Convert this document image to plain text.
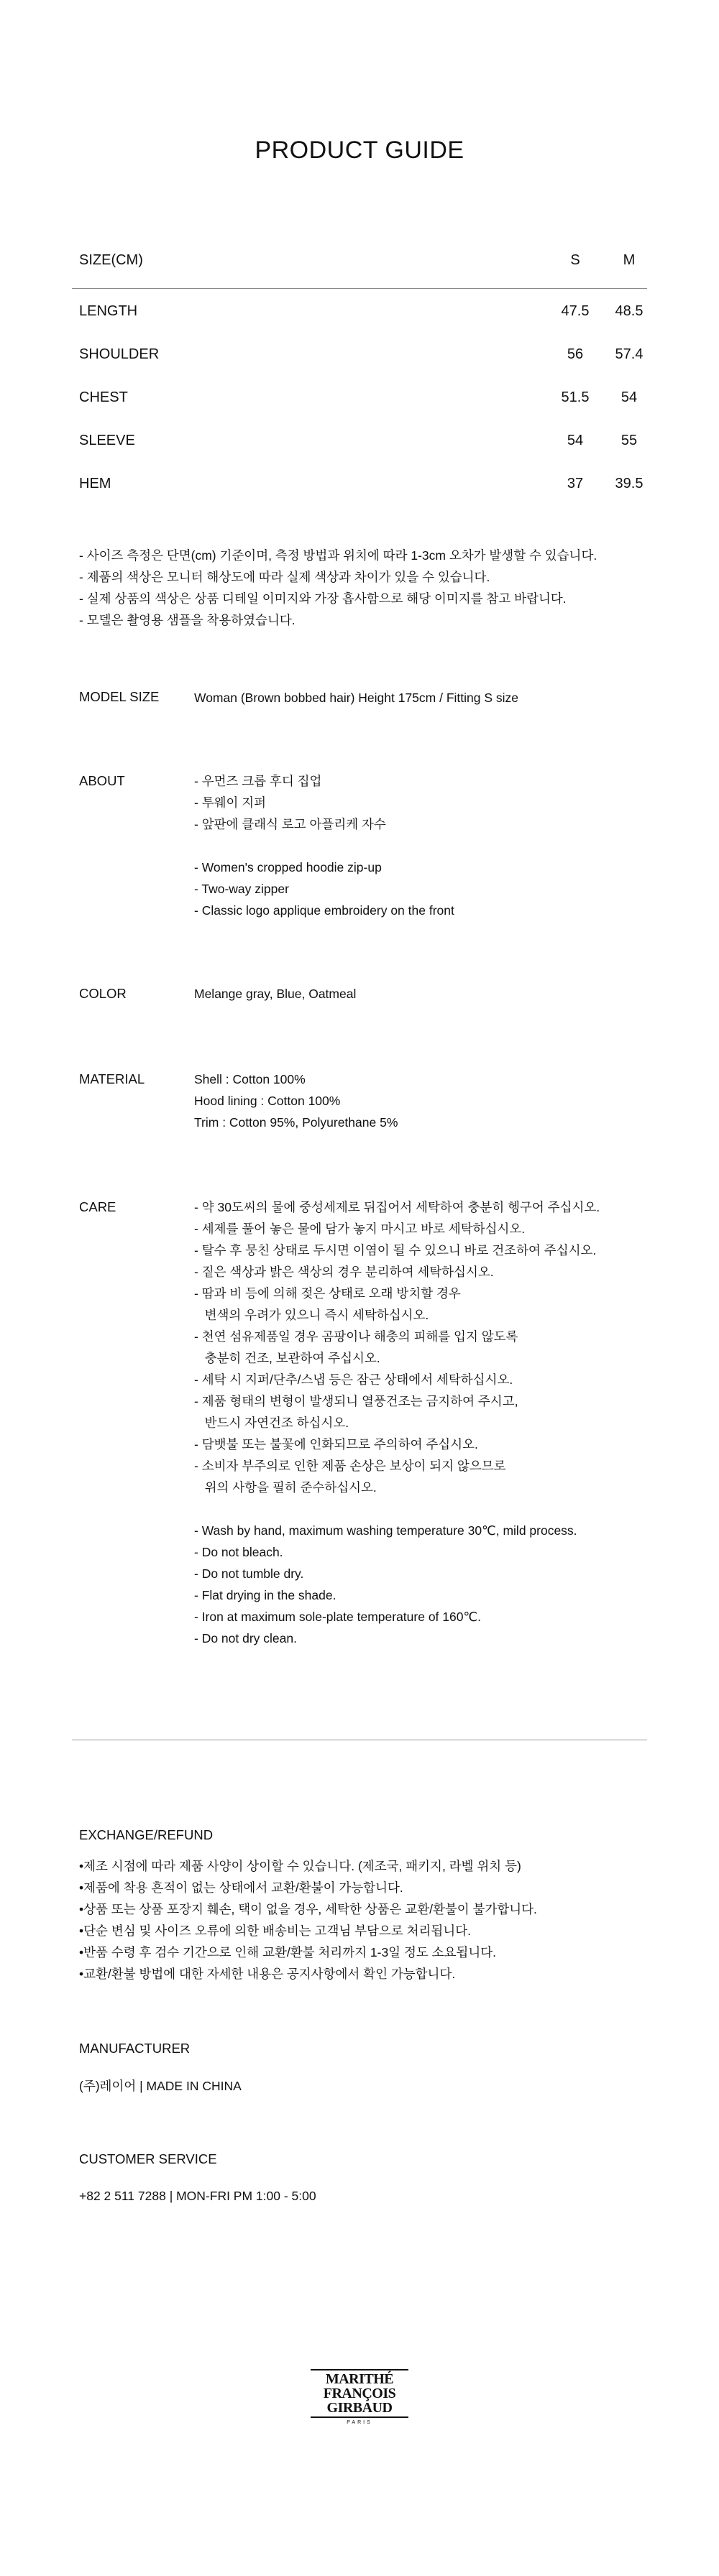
PRODUCT GUIDE
SIZE(CM)	S	M
LENGTH	47.5	48.5
SHOULDER	56	57.4
CHEST	51.5	54
SLEEVE	54	55
HEM	37	39.5
- 사이즈 측정은 단면(cm) 기준이며, 측정 방법과 위치에 따라 1-3cm 오차가 발생할 수 있습니다.
- 제품의 색상은 모니터 해상도에 따라 실제 색상과 차이가 있을 수 있습니다.
- 실제 상품의 색상은 상품 디테일 이미지와 가장 흡사함으로 해당 이미지를 참고 바랍니다.
- 모델은 촬영용 샘플을 착용하였습니다.
MODEL SIZE	Woman (Brown bobbed hair) Height 175cm / Fitting S size
ABOUT	- 우먼즈 크롭 후디 집업
- 투웨이 지퍼
- 앞판에 클래식 로고 아플리케 자수
- Women's cropped hoodie zip-up
- Two-way zipper
- Classic logo applique embroidery on the front
COLOR	Melange gray, Blue, Oatmeal
MATERIAL	Shell : Cotton 100%
Hood lining : Cotton 100%
Trim : Cotton 95%, Polyurethane 5%
CARE	- 약 30도씨의 물에 중성세제로 뒤집어서 세탁하여 충분히 헹구어 주십시오.
- 세제를 풀어 놓은 물에 담가 놓지 마시고 바로 세탁하십시오.
- 탈수 후 뭉친 상태로 두시면 이염이 될 수 있으니 바로 건조하여 주십시오.
- 짙은 색상과 밝은 색상의 경우 분리하여 세탁하십시오.
- 땀과 비 등에 의해 젖은 상태로 오래 방치할 경우
변색의 우려가 있으니 즉시 세탁하십시오.
- 천연 섬유제품일 경우 곰팡이나 해충의 피해를 입지 않도록
충분히 건조, 보관하여 주십시오.
- 세탁 시 지퍼/단추/스냅 등은 잠근 상태에서 세탁하십시오.
- 제품 형태의 변형이 발생되니 열풍건조는 금지하여 주시고,
반드시 자연건조 하십시오.
- 담뱃불 또는 불꽃에 인화되므로 주의하여 주십시오.
- 소비자 부주의로 인한 제품 손상은 보상이 되지 않으므로
위의 사항을 필히 준수하십시오.
- Wash by hand, maximum washing temperature 30℃, mild process.
- Do not bleach.
- Do not tumble dry.
- Flat drying in the shade.
- Iron at maximum sole-plate temperature of 160℃.
- Do not dry clean.
EXCHANGE/REFUND
•제조 시점에 따라 제품 사양이 상이할 수 있습니다. (제조국, 패키지, 라벨 위치 등)
•제품에 착용 흔적이 없는 상태에서 교환/환불이 가능합니다.
•상품 또는 상품 포장지 훼손, 택이 없을 경우, 세탁한 상품은 교환/환불이 불가합니다.
•단순 변심 및 사이즈 오류에 의한 배송비는 고객님 부담으로 처리됩니다.
•반품 수령 후 검수 기간으로 인해 교환/환불 처리까지 1-3일 정도 소요됩니다.
•교환/환불 방법에 대한 자세한 내용은 공지사항에서 확인 가능합니다.
MANUFACTURER
(주)레이어 | MADE IN CHINA
CUSTOMER SERVICE
+82 2 511 7288 | MON-FRI PM 1:00 - 5:00
MARITHÉ
FRANÇOIS
GIRBAUD
PARIS
